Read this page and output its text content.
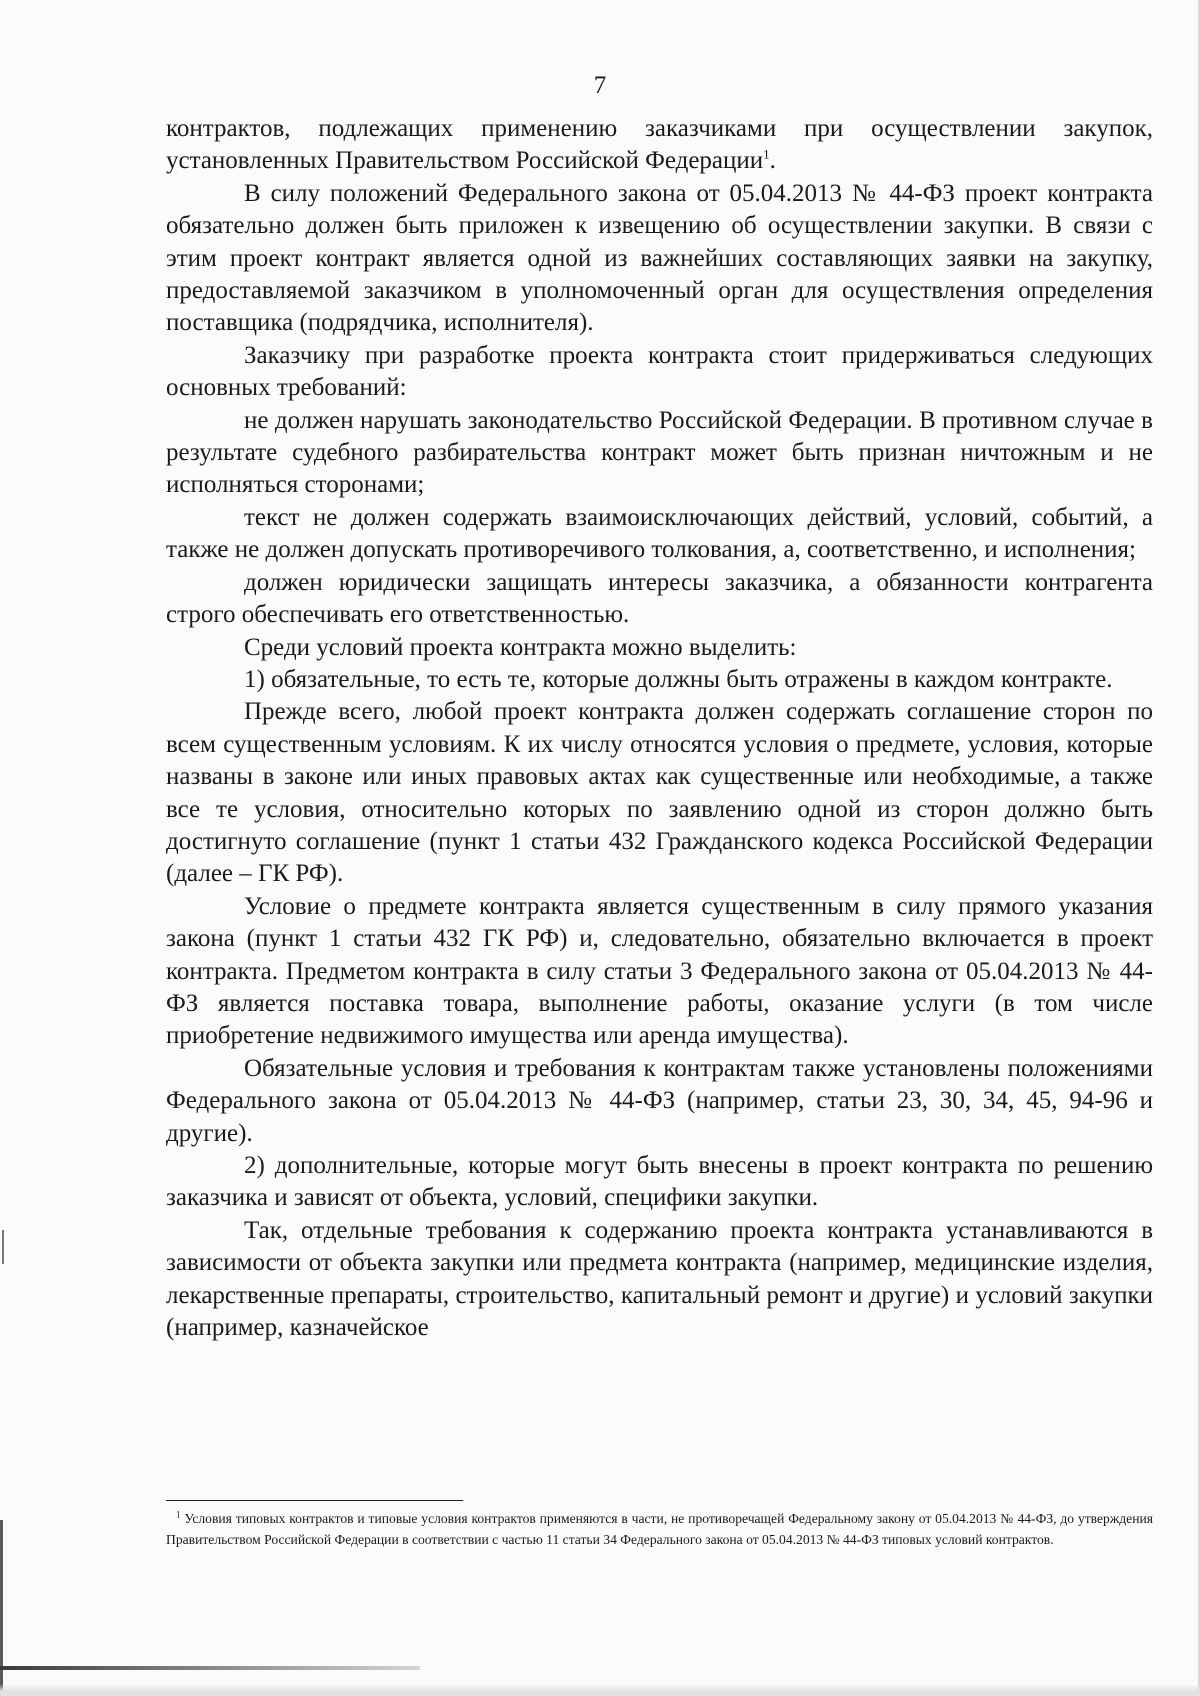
7

контрактов, подлежащих применению заказчиками при осуществлении закупок, установленных Правительством Российской Федерации$^1$.

В силу положений Федерального закона от 05.04.2013 № 44-ФЗ проект контракта обязательно должен быть приложен к извещению об осуществлении закупки. В связи с этим проект контракт является одной из важнейших составляющих заявки на закупку, предоставляемой заказчиком в уполномоченный орган для осуществления определения поставщика (подрядчика, исполнителя).

Заказчику при разработке проекта контракта стоит придерживаться следующих основных требований:

не должен нарушать законодательство Российской Федерации. В противном случае в результате судебного разбирательства контракт может быть признан ничтожным и не исполняться сторонами;

текст не должен содержать взаимоисключающих действий, условий, событий, а также не должен допускать противоречивого толкования, а, соответственно, и исполнения;

должен юридически защищать интересы заказчика, а обязанности контрагента строго обеспечивать его ответственностью.

Среди условий проекта контракта можно выделить:

1) обязательные, то есть те, которые должны быть отражены в каждом контракте.

Прежде всего, любой проект контракта должен содержать соглашение сторон по всем существенным условиям. К их числу относятся условия о предмете, условия, которые названы в законе или иных правовых актах как существенные или необходимые, а также все те условия, относительно которых по заявлению одной из сторон должно быть достигнуто соглашение (пункт 1 статьи 432 Гражданского кодекса Российской Федерации (далее – ГК РФ).

Условие о предмете контракта является существенным в силу прямого указания закона (пункт 1 статьи 432 ГК РФ) и, следовательно, обязательно включается в проект контракта. Предметом контракта в силу статьи 3 Федерального закона от 05.04.2013 № 44-ФЗ является поставка товара, выполнение работы, оказание услуги (в том числе приобретение недвижимого имущества или аренда имущества).

Обязательные условия и требования к контрактам также установлены положениями Федерального закона от 05.04.2013 № 44-ФЗ (например, статьи 23, 30, 34, 45, 94-96 и другие).

2) дополнительные, которые могут быть внесены в проект контракта по решению заказчика и зависят от объекта, условий, специфики закупки.

Так, отдельные требования к содержанию проекта контракта устанавливаются в зависимости от объекта закупки или предмета контракта (например, медицинские изделия, лекарственные препараты, строительство, капитальный ремонт и другие) и условий закупки (например, казначейское

$^1$ Условия типовых контрактов и типовые условия контрактов применяются в части, не противоречащей Федеральному закону от 05.04.2013 № 44-ФЗ, до утверждения Правительством Российской Федерации в соответствии с частью 11 статьи 34 Федерального закона от 05.04.2013 № 44-ФЗ типовых условий контрактов.
